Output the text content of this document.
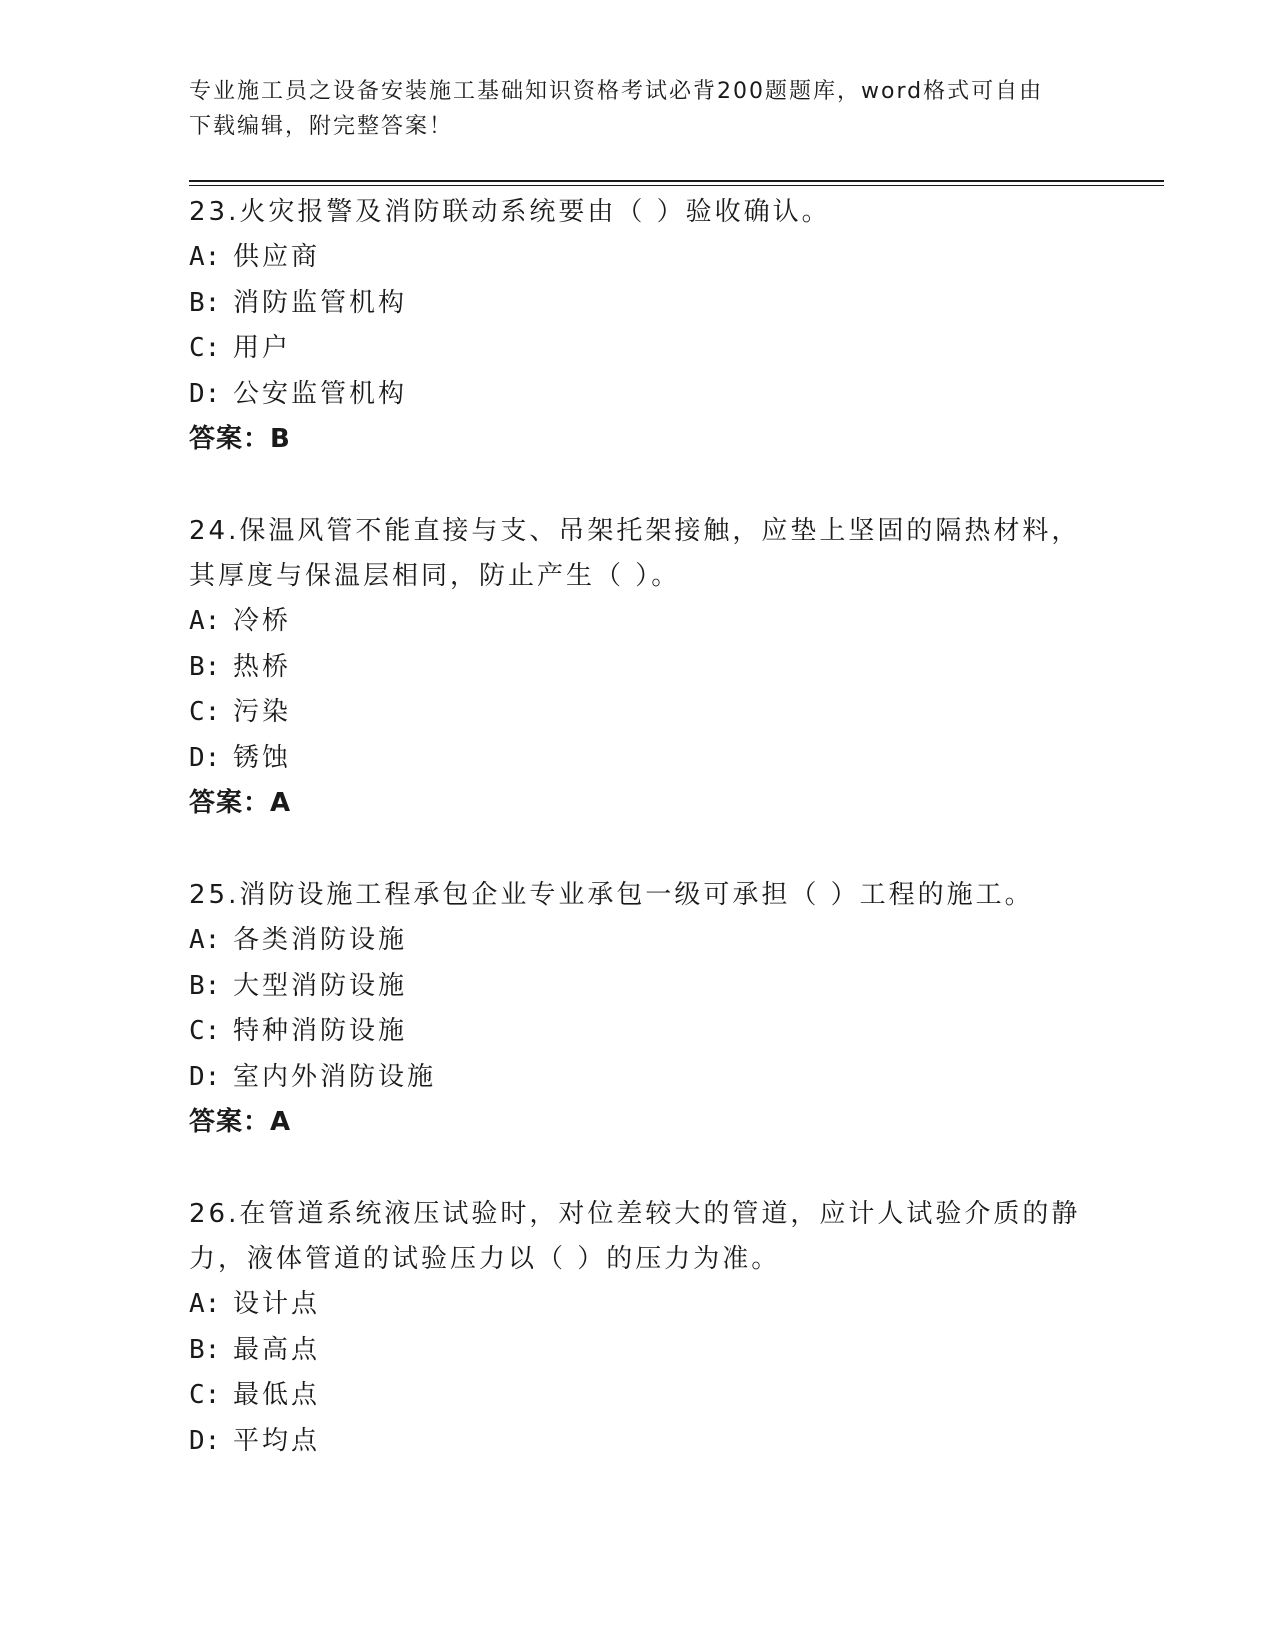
专业施工员之设备安装施工基础知识资格考试必背200题题库，word格式可自由
下载编辑，附完整答案！
23.火灾报警及消防联动系统要由（ ）验收确认。
A: 供应商
B: 消防监管机构
C: 用户
D: 公安监管机构
答案：B
24.保温风管不能直接与支、吊架托架接触，应垫上坚固的隔热材料，
其厚度与保温层相同，防止产生（ ）。
A: 冷桥
B: 热桥
C: 污染
D: 锈蚀
答案：A
25.消防设施工程承包企业专业承包一级可承担（ ）工程的施工。
A: 各类消防设施
B: 大型消防设施
C: 特种消防设施
D: 室内外消防设施
答案：A
26.在管道系统液压试验时，对位差较大的管道，应计人试验介质的静
力，液体管道的试验压力以（ ）的压力为准。
A: 设计点
B: 最高点
C: 最低点
D: 平均点
